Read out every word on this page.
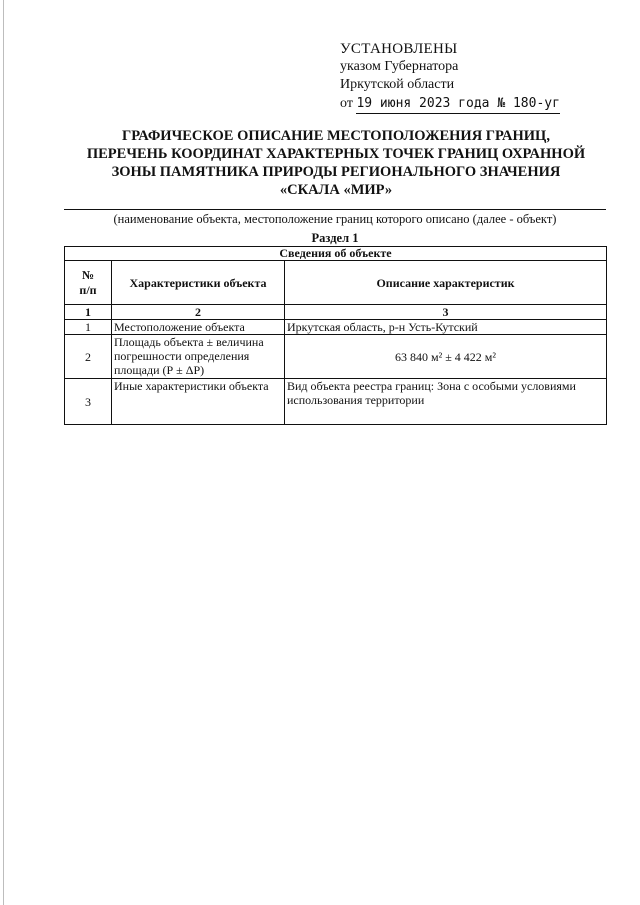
УСТАНОВЛЕНЫ
указом Губернатора
Иркутской области
от 19 июня 2023 года № 180-уг
ГРАФИЧЕСКОЕ ОПИСАНИЕ МЕСТОПОЛОЖЕНИЯ ГРАНИЦ,
ПЕРЕЧЕНЬ КООРДИНАТ ХАРАКТЕРНЫХ ТОЧЕК ГРАНИЦ ОХРАННОЙ
ЗОНЫ ПАМЯТНИКА ПРИРОДЫ РЕГИОНАЛЬНОГО ЗНАЧЕНИЯ
«СКАЛА «МИР»
(наименование объекта, местоположение границ которого описано (далее - объект)
Раздел 1
Сведения об объекте		
№ п/п	Характеристики объекта	Описание характеристик
1	2	3
1	Местоположение объекта	Иркутская область, р-н Усть-Кутский
2	Площадь объекта ± величина погрешности определения площади (Р ± ΔР)	63 840 м² ± 4 422 м²
3	Иные характеристики объекта	Вид объекта реестра границ: Зона с особыми условиями использования территории
